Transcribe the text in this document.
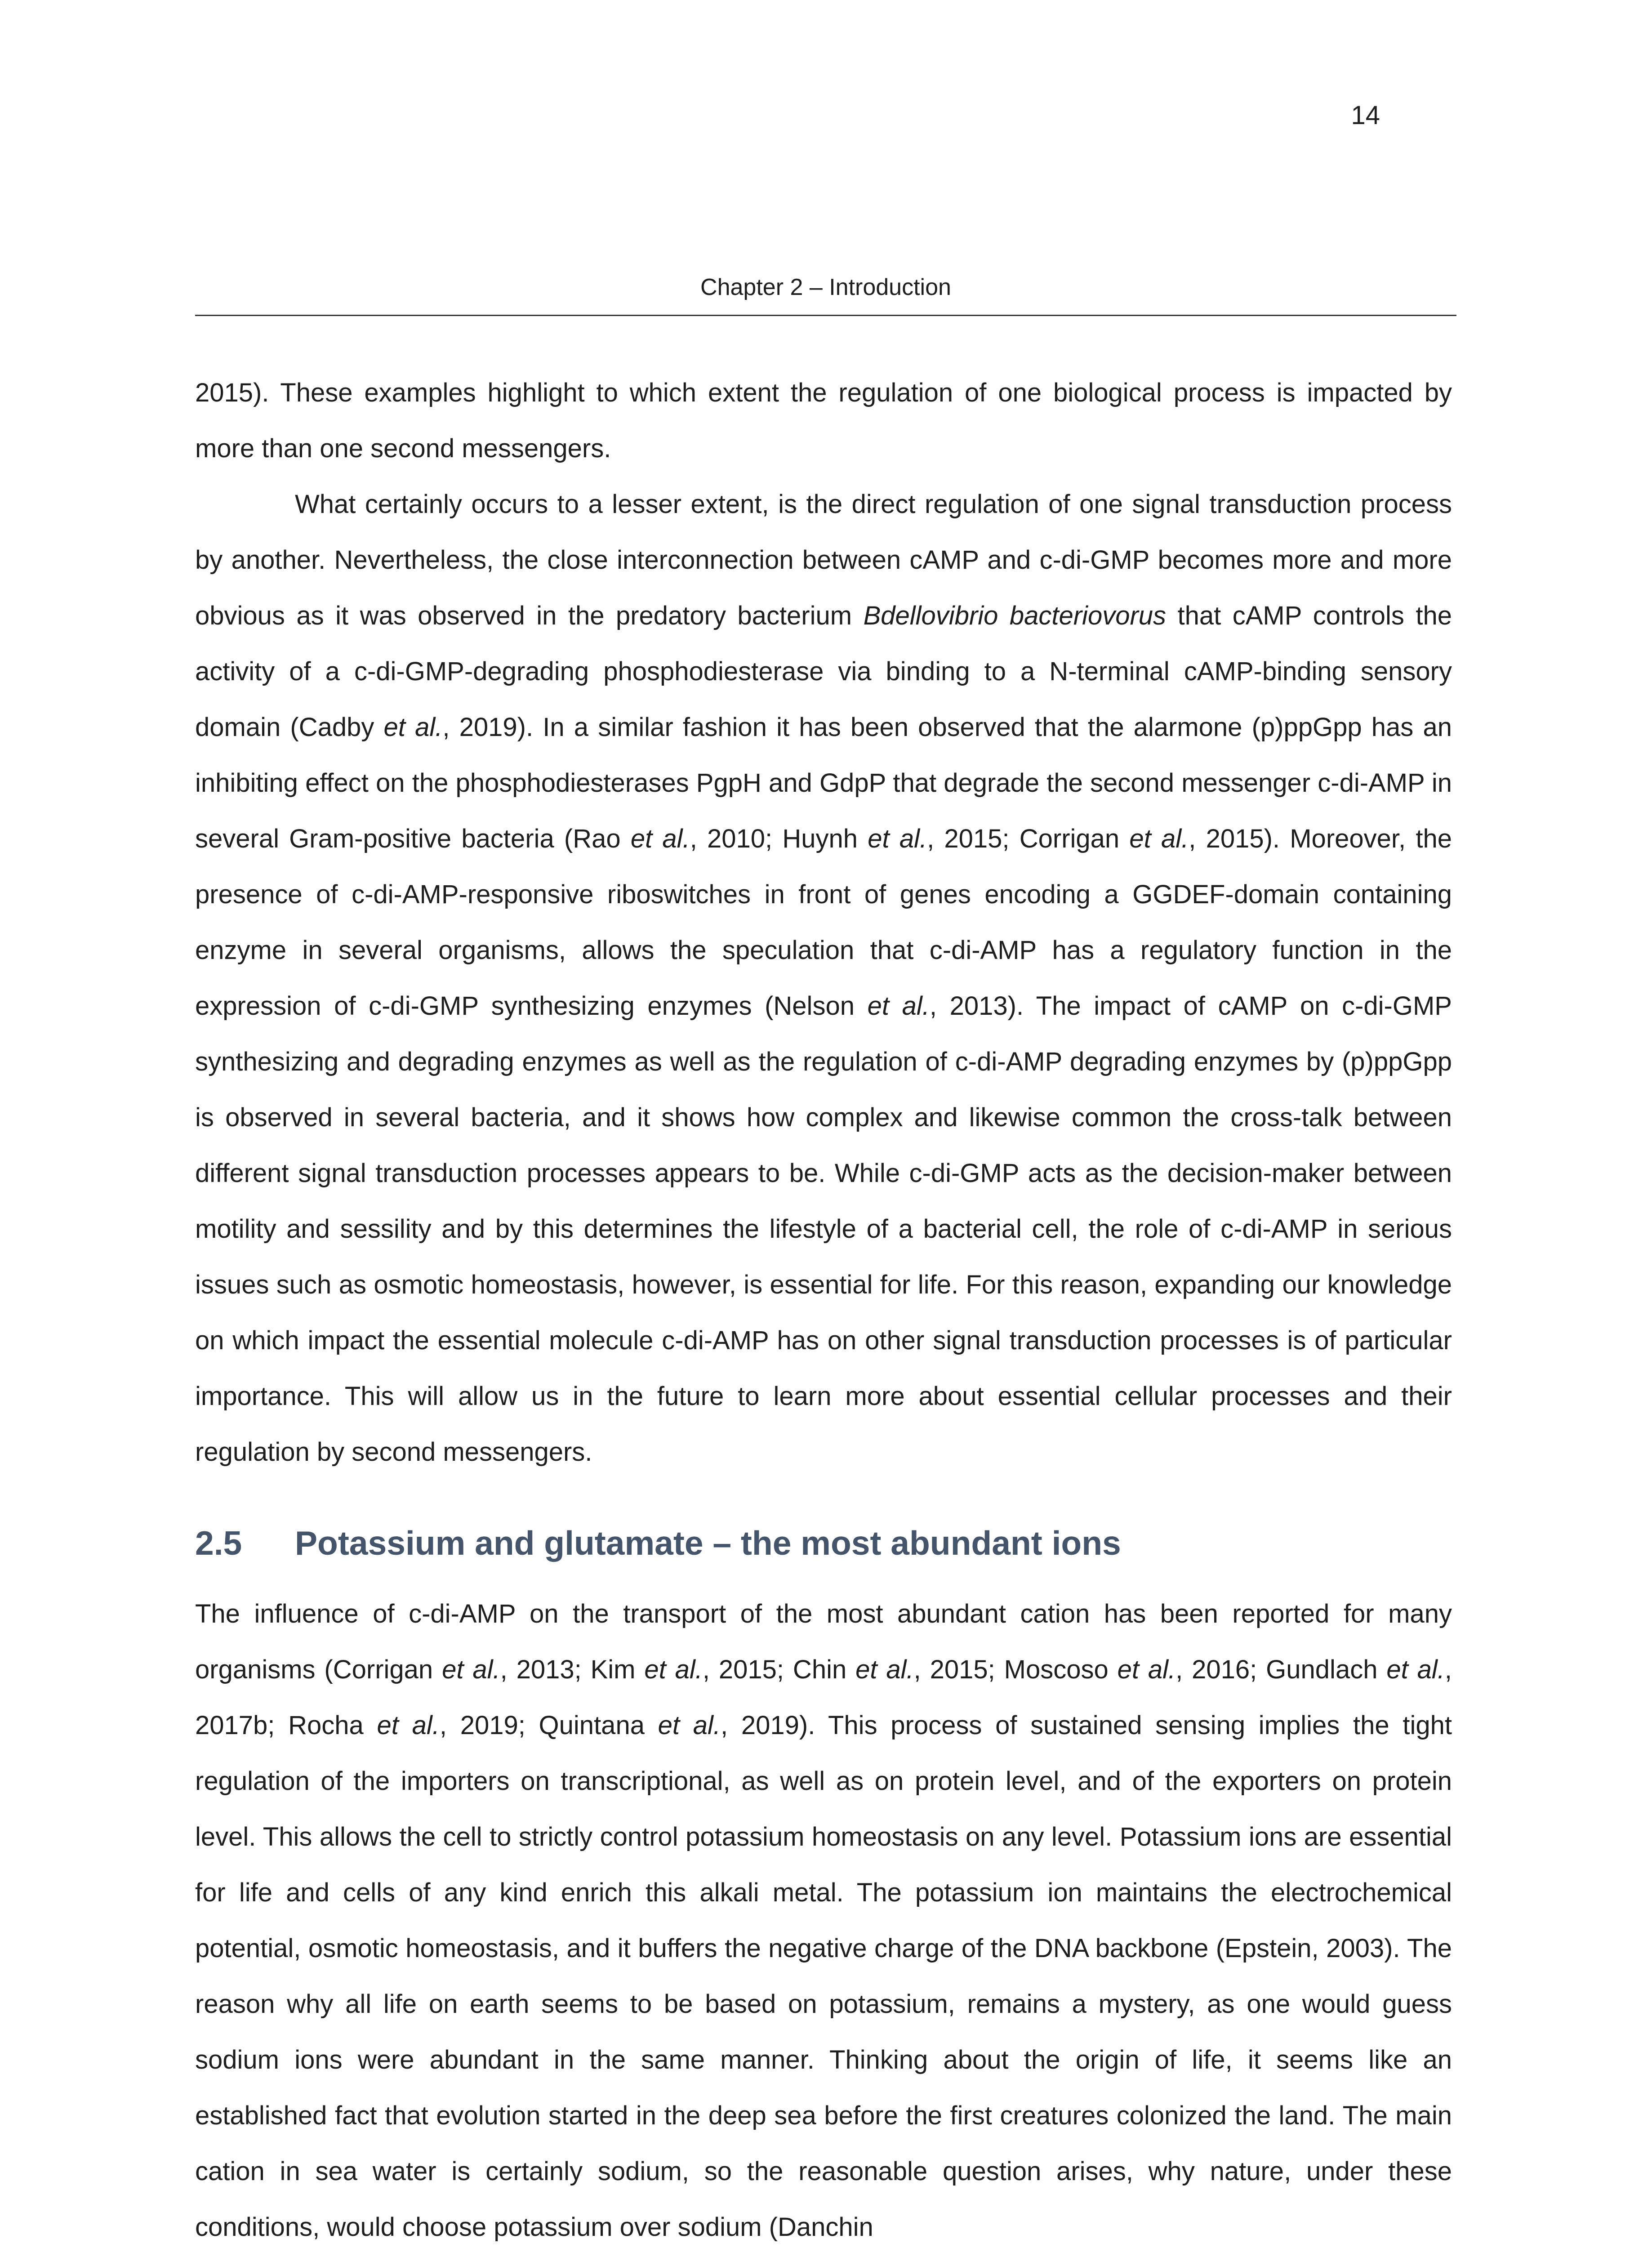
14
Chapter 2 – Introduction

2015). These examples highlight to which extent the regulation of one biological process is impacted by more than one second messengers.

What certainly occurs to a lesser extent, is the direct regulation of one signal transduction process by another. Nevertheless, the close interconnection between cAMP and c-di-GMP becomes more and more obvious as it was observed in the predatory bacterium Bdellovibrio bacteriovorus that cAMP controls the activity of a c-di-GMP-degrading phosphodiesterase via binding to a N-terminal cAMP-binding sensory domain (Cadby et al., 2019). In a similar fashion it has been observed that the alarmone (p)ppGpp has an inhibiting effect on the phosphodiesterases PgpH and GdpP that degrade the second messenger c-di-AMP in several Gram-positive bacteria (Rao et al., 2010; Huynh et al., 2015; Corrigan et al., 2015). Moreover, the presence of c-di-AMP-responsive riboswitches in front of genes encoding a GGDEF-domain containing enzyme in several organisms, allows the speculation that c-di-AMP has a regulatory function in the expression of c-di-GMP synthesizing enzymes (Nelson et al., 2013). The impact of cAMP on c-di-GMP synthesizing and degrading enzymes as well as the regulation of c-di-AMP degrading enzymes by (p)ppGpp is observed in several bacteria, and it shows how complex and likewise common the cross-talk between different signal transduction processes appears to be. While c-di-GMP acts as the decision-maker between motility and sessility and by this determines the lifestyle of a bacterial cell, the role of c-di-AMP in serious issues such as osmotic homeostasis, however, is essential for life. For this reason, expanding our knowledge on which impact the essential molecule c-di-AMP has on other signal transduction processes is of particular importance. This will allow us in the future to learn more about essential cellular processes and their regulation by second messengers.

2.5	Potassium and glutamate – the most abundant ions

The influence of c-di-AMP on the transport of the most abundant cation has been reported for many organisms (Corrigan et al., 2013; Kim et al., 2015; Chin et al., 2015; Moscoso et al., 2016; Gundlach et al., 2017b; Rocha et al., 2019; Quintana et al., 2019). This process of sustained sensing implies the tight regulation of the importers on transcriptional, as well as on protein level, and of the exporters on protein level. This allows the cell to strictly control potassium homeostasis on any level. Potassium ions are essential for life and cells of any kind enrich this alkali metal. The potassium ion maintains the electrochemical potential, osmotic homeostasis, and it buffers the negative charge of the DNA backbone (Epstein, 2003). The reason why all life on earth seems to be based on potassium, remains a mystery, as one would guess sodium ions were abundant in the same manner. Thinking about the origin of life, it seems like an established fact that evolution started in the deep sea before the first creatures colonized the land. The main cation in sea water is certainly sodium, so the reasonable question arises, why nature, under these conditions, would choose potassium over sodium (Danchin
